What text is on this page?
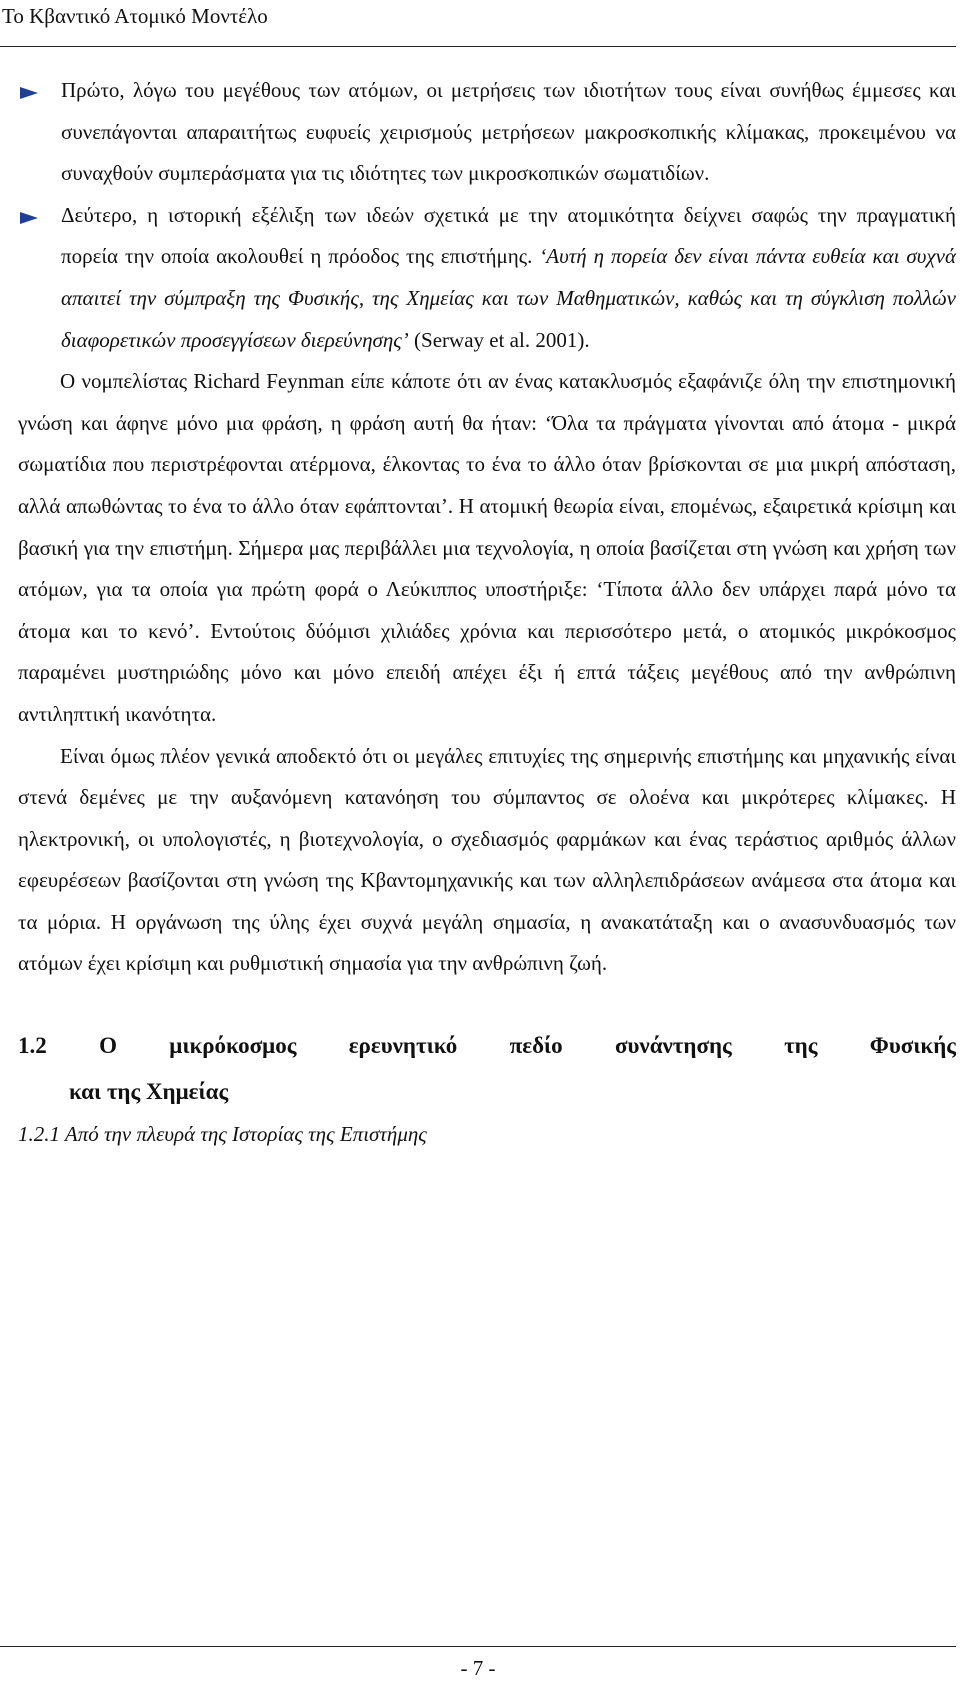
Το Κβαντικό Ατομικό Μοντέλο
Πρώτο, λόγω του μεγέθους των ατόμων, οι μετρήσεις των ιδιοτήτων τους είναι συνήθως έμμεσες και συνεπάγονται απαραιτήτως ευφυείς χειρισμούς μετρήσεων μακροσκοπικής κλίμακας, προκειμένου να συναχθούν συμπεράσματα για τις ιδιότητες των μικροσκοπικών σωματιδίων.
Δεύτερο, η ιστορική εξέλιξη των ιδεών σχετικά με την ατομικότητα δείχνει σαφώς την πραγματική πορεία την οποία ακολουθεί η πρόοδος της επιστήμης. ‘Αυτή η πορεία δεν είναι πάντα ευθεία και συχνά απαιτεί την σύμπραξη της Φυσικής, της Χημείας και των Μαθηματικών, καθώς και τη σύγκλιση πολλών διαφορετικών προσεγγίσεων διερεύνησης’ (Serway et al. 2001).

Ο νομπελίστας Richard Feynman είπε κάποτε ότι αν ένας κατακλυσμός εξαφάνιζε όλη την επιστημονική γνώση και άφηνε μόνο μια φράση, η φράση αυτή θα ήταν: ‘Όλα τα πράγματα γίνονται από άτομα - μικρά σωματίδια που περιστρέφονται ατέρμονα, έλκοντας το ένα το άλλο όταν βρίσκονται σε μια μικρή απόσταση, αλλά απωθώντας το ένα το άλλο όταν εφάπτονται’. Η ατομική θεωρία είναι, επομένως, εξαιρετικά κρίσιμη και βασική για την επιστήμη. Σήμερα μας περιβάλλει μια τεχνολογία, η οποία βασίζεται στη γνώση και χρήση των ατόμων, για τα οποία για πρώτη φορά ο Λεύκιππος υποστήριξε: ‘Τίποτα άλλο δεν υπάρχει παρά μόνο τα άτομα και το κενό’. Εντούτοις δύόμισι χιλιάδες χρόνια και περισσότερο μετά, ο ατομικός μικρόκοσμος παραμένει μυστηριώδης μόνο και μόνο επειδή απέχει έξι ή επτά τάξεις μεγέθους από την ανθρώπινη αντιληπτική ικανότητα.

Είναι όμως πλέον γενικά αποδεκτό ότι οι μεγάλες επιτυχίες της σημερινής επιστήμης και μηχανικής είναι στενά δεμένες με την αυξανόμενη κατανόηση του σύμπαντος σε ολοένα και μικρότερες κλίμακες. Η ηλεκτρονική, οι υπολογιστές, η βιοτεχνολογία, ο σχεδιασμός φαρμάκων και ένας τεράστιος αριθμός άλλων εφευρέσεων βασίζονται στη γνώση της Κβαντομηχανικής και των αλληλεπιδράσεων ανάμεσα στα άτομα και τα μόρια. Η οργάνωση της ύλης έχει συχνά μεγάλη σημασία, η ανακατάταξη και ο ανασυνδυασμός των ατόμων έχει κρίσιμη και ρυθμιστική σημασία για την ανθρώπινη ζωή.

1.2 Ο μικρόκοσμος ερευνητικό πεδίο συνάντησης της Φυσικής
και της Χημείας
1.2.1 Από την πλευρά της Ιστορίας της Επιστήμης
- 7 -
